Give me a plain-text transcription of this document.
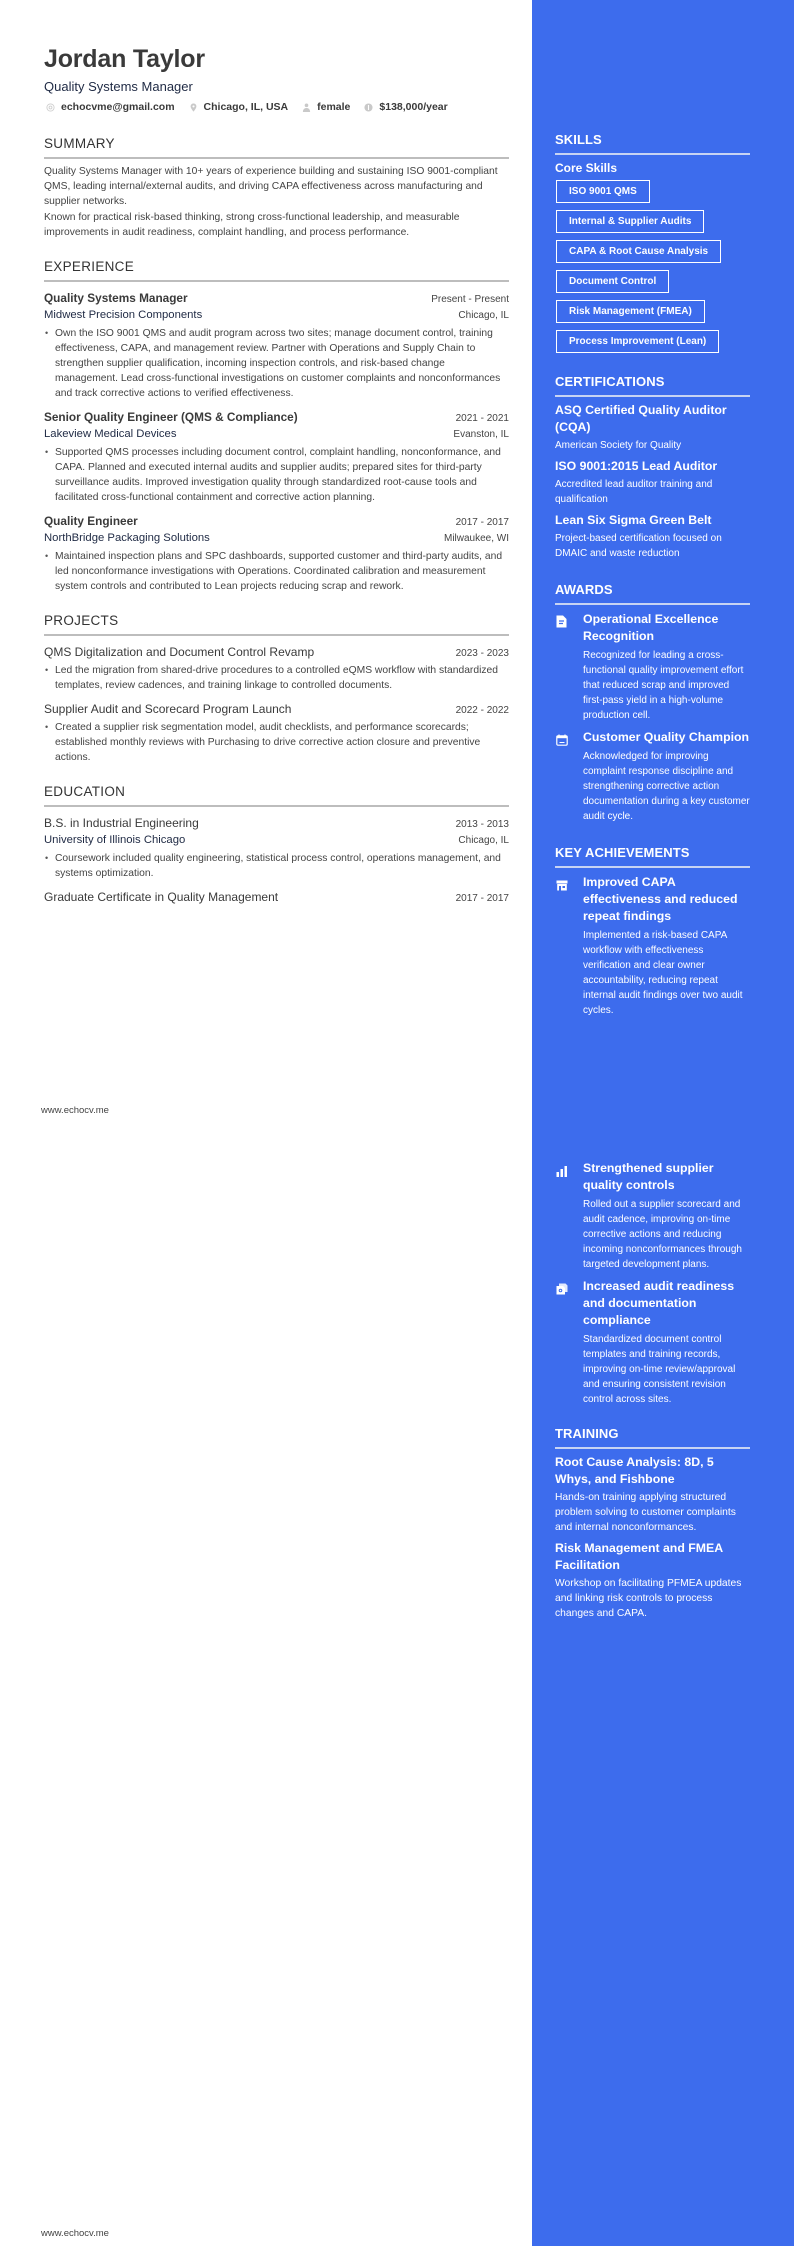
Jordan Taylor
Quality Systems Manager
echocvme@gmail.com	Chicago, IL, USA	female	$138,000/year
SUMMARY

Quality Systems Manager with 10+ years of experience building and sustaining ISO 9001-compliant QMS, leading internal/external audits, and driving CAPA effectiveness across manufacturing and supplier networks.

Known for practical risk-based thinking, strong cross-functional leadership, and measurable improvements in audit readiness, complaint handling, and process performance.

EXPERIENCE
Quality Systems Manager	Present - Present
Midwest Precision Components	Chicago, IL
• Own the ISO 9001 QMS and audit program across two sites; manage document control, training effectiveness, CAPA, and management review. Partner with Operations and Supply Chain to strengthen supplier qualification, incoming inspection controls, and risk-based change management. Lead cross-functional investigations on customer complaints and nonconformances and track corrective actions to verified effectiveness.
Senior Quality Engineer (QMS & Compliance)	2021 - 2021
Lakeview Medical Devices	Evanston, IL
• Supported QMS processes including document control, complaint handling, nonconformance, and CAPA. Planned and executed internal audits and supplier audits; prepared sites for third-party surveillance audits. Improved investigation quality through standardized root-cause tools and facilitated cross-functional containment and corrective action planning.
Quality Engineer	2017 - 2017
NorthBridge Packaging Solutions	Milwaukee, WI
• Maintained inspection plans and SPC dashboards, supported customer and third-party audits, and led nonconformance investigations with Operations. Coordinated calibration and measurement system controls and contributed to Lean projects reducing scrap and rework.
PROJECTS
QMS Digitalization and Document Control Revamp	2023 - 2023
• Led the migration from shared-drive procedures to a controlled eQMS workflow with standardized templates, review cadences, and training linkage to controlled documents.
Supplier Audit and Scorecard Program Launch	2022 - 2022
• Created a supplier risk segmentation model, audit checklists, and performance scorecards; established monthly reviews with Purchasing to drive corrective action closure and preventive actions.
EDUCATION
B.S. in Industrial Engineering	2013 - 2013
University of Illinois Chicago	Chicago, IL
• Coursework included quality engineering, statistical process control, operations management, and systems optimization.
Graduate Certificate in Quality Management	2017 - 2017
www.echocv.me
www.echocv.me
SKILLS
Core Skills
ISO 9001 QMS
Internal & Supplier Audits
CAPA & Root Cause Analysis
Document Control
Risk Management (FMEA)
Process Improvement (Lean)
CERTIFICATIONS
ASQ Certified Quality Auditor (CQA)
American Society for Quality
ISO 9001:2015 Lead Auditor
Accredited lead auditor training and qualification
Lean Six Sigma Green Belt
Project-based certification focused on DMAIC and waste reduction
AWARDS
Operational Excellence Recognition
Recognized for leading a cross-functional quality improvement effort that reduced scrap and improved first-pass yield in a high-volume production cell.
Customer Quality Champion
Acknowledged for improving complaint response discipline and strengthening corrective action documentation during a key customer audit cycle.
KEY ACHIEVEMENTS
Improved CAPA effectiveness and reduced repeat findings
Implemented a risk-based CAPA workflow with effectiveness verification and clear owner accountability, reducing repeat internal audit findings over two audit cycles.
Strengthened supplier quality controls
Rolled out a supplier scorecard and audit cadence, improving on-time corrective actions and reducing incoming nonconformances through targeted development plans.
Increased audit readiness and documentation compliance
Standardized document control templates and training records, improving on-time review/approval and ensuring consistent revision control across sites.
TRAINING
Root Cause Analysis: 8D, 5 Whys, and Fishbone
Hands-on training applying structured problem solving to customer complaints and internal nonconformances.
Risk Management and FMEA Facilitation
Workshop on facilitating PFMEA updates and linking risk controls to process changes and CAPA.
